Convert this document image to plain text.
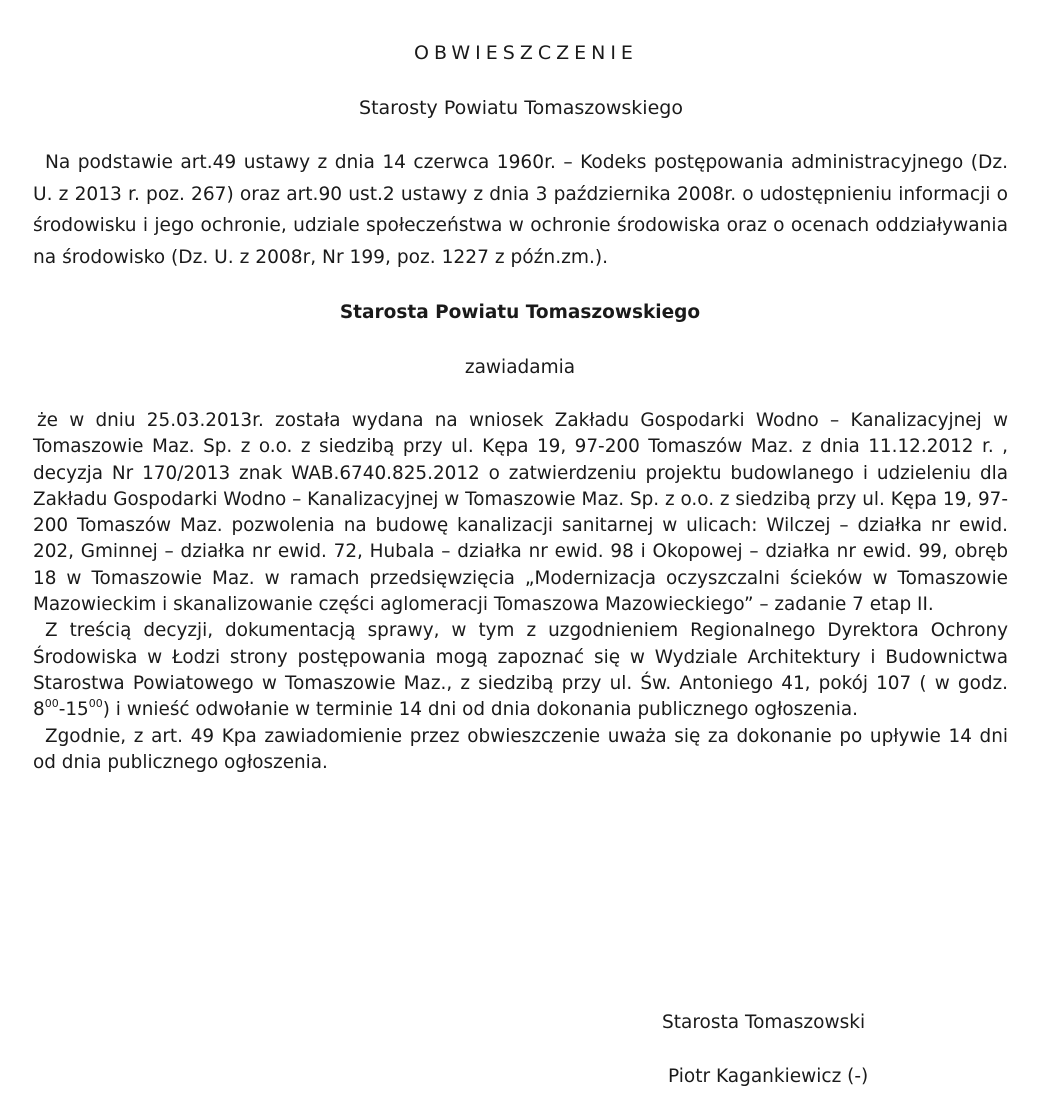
OBWIESZCZENIE
Starosty Powiatu Tomaszowskiego
Na podstawie art.49 ustawy z dnia 14 czerwca 1960r. – Kodeks postępowania administracyjnego (Dz. U. z 2013 r. poz. 267) oraz art.90 ust.2 ustawy z dnia 3 października 2008r. o udostępnieniu informacji o środowisku i jego ochronie, udziale społeczeństwa w ochronie środowiska oraz o ocenach oddziaływania na środowisko (Dz. U. z 2008r, Nr 199, poz. 1227 z późn.zm.).
Starosta Powiatu Tomaszowskiego
zawiadamia

że w dniu 25.03.2013r. została wydana na wniosek Zakładu Gospodarki Wodno – Kanalizacyjnej w Tomaszowie Maz. Sp. z o.o. z siedzibą przy ul. Kępa 19, 97-200 Tomaszów Maz. z dnia 11.12.2012 r. , decyzja Nr 170/2013 znak WAB.6740.825.2012 o zatwierdzeniu projektu budowlanego i udzieleniu dla Zakładu Gospodarki Wodno – Kanalizacyjnej w Tomaszowie Maz. Sp. z o.o. z siedzibą przy ul. Kępa 19, 97-200 Tomaszów Maz. pozwolenia na budowę kanalizacji sanitarnej w ulicach: Wilczej – działka nr ewid. 202, Gminnej – działka nr ewid. 72, Hubala – działka nr ewid. 98 i Okopowej – działka nr ewid. 99, obręb 18 w Tomaszowie Maz. w ramach przedsięwzięcia „Modernizacja oczyszczalni ścieków w Tomaszowie Mazowieckim i skanalizowanie części aglomeracji Tomaszowa Mazowieckiego” – zadanie 7 etap II.

Z treścią decyzji, dokumentacją sprawy, w tym z uzgodnieniem Regionalnego Dyrektora Ochrony Środowiska w Łodzi strony postępowania mogą zapoznać się w Wydziale Architektury i Budownictwa Starostwa Powiatowego w Tomaszowie Maz., z siedzibą przy ul. Św. Antoniego 41, pokój 107 ( w godz. $8^{00}-15^{00}$) i wnieść odwołanie w terminie 14 dni od dnia dokonania publicznego ogłoszenia.

Zgodnie, z art. 49 Kpa zawiadomienie przez obwieszczenie uważa się za dokonanie po upływie 14 dni od dnia publicznego ogłoszenia.

Starosta Tomaszowski
Piotr Kagankiewicz (-)
